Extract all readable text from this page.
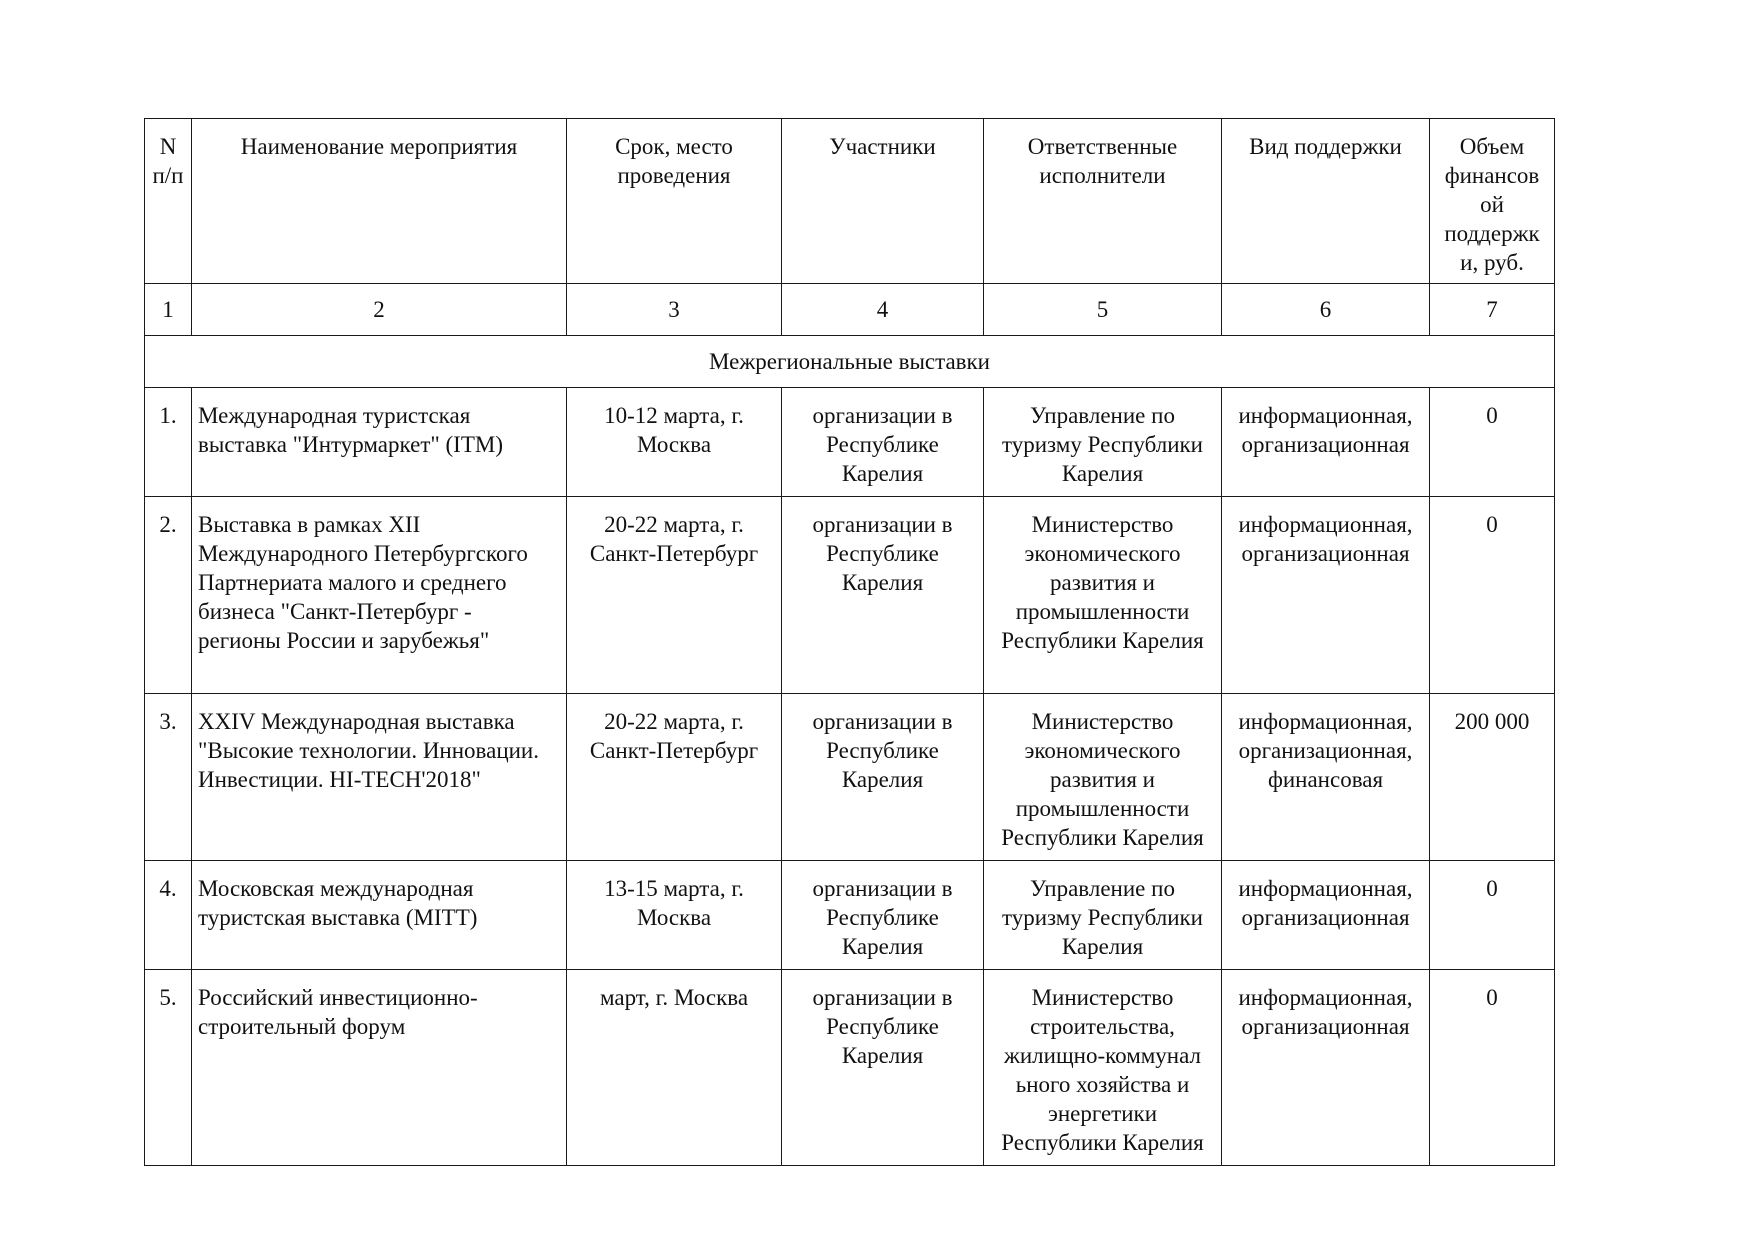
N п/п	Наименование мероприятия	Срок, место проведения	Участники	Ответственные исполнители	Вид поддержки	Объем финансов ой поддержк и, руб.
1	2	3	4	5	6	7
Межрегиональные выставки						
1.	Международная туристская выставка "Интурмаркет" (ITM)	10-12 марта, г. Москва	организации в Республике Карелия	Управление по туризму Республики Карелия	информационная, организационная	0
2.	Выставка в рамках XII Международного Петербургского Партнериата малого и среднего бизнеса "Санкт-Петербург - регионы России и зарубежья"	20-22 марта, г. Санкт-Петербург	организации в Республике Карелия	Министерство экономического развития и промышленности Республики Карелия	информационная, организационная	0
3.	XXIV Международная выставка "Высокие технологии. Инновации. Инвестиции. HI-TECH'2018"	20-22 марта, г. Санкт-Петербург	организации в Республике Карелия	Министерство экономического развития и промышленности Республики Карелия	информационная, организационная, финансовая	200 000
4.	Московская международная туристская выставка (MITT)	13-15 марта, г. Москва	организации в Республике Карелия	Управление по туризму Республики Карелия	информационная, организационная	0
5.	Российский инвестиционно-строительный форум	март, г. Москва	организации в Республике Карелия	Министерство строительства, жилищно-коммунал ьного хозяйства и энергетики Республики Карелия	информационная, организационная	0
